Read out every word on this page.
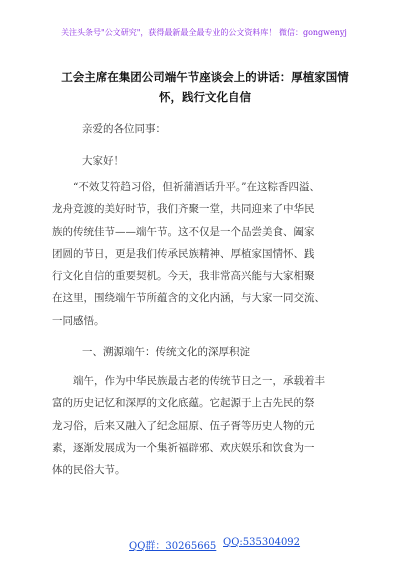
关注头条号"公文研究"，获得最新最全最专业的公文资料库！ 微信：gongwenyj
工会主席在集团公司端午节座谈会上的讲话：厚植家国情
怀，践行文化自信
亲爱的各位同事：
大家好！
“不效艾符趋习俗，但祈蒲酒话升平。”在这粽香四溢、
龙舟竞渡的美好时节，我们齐聚一堂，共同迎来了中华民
族的传统佳节——端午节。这不仅是一个品尝美食、阖家
团圆的节日，更是我们传承民族精神、厚植家国情怀、践
行文化自信的重要契机。今天，我非常高兴能与大家相聚
在这里，围绕端午节所蕴含的文化内涵，与大家一同交流、
一同感悟。
一、溯源端午：传统文化的深厚积淀
端午，作为中华民族最古老的传统节日之一，承载着丰
富的历史记忆和深厚的文化底蕴。它起源于上古先民的祭
龙习俗，后来又融入了纪念屈原、伍子胥等历史人物的元
素，逐渐发展成为一个集祈福辟邪、欢庆娱乐和饮食为一
体的民俗大节。
QQ群：30265665 QQ:535304092
